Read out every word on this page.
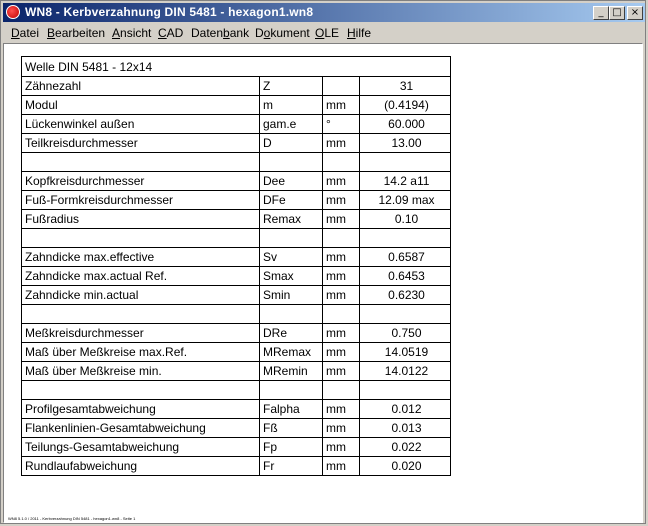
WN8 - Kerbverzahnung DIN 5481 - hexagon1.wn8	_ □ ×
Datei Bearbeiten Ansicht CAD Datenbank Dokument OLE Hilfe
Welle DIN 5481 - 12x14			
Zähnezahl	Z		31
Modul	m	mm	(0.4194)
Lückenwinkel außen	gam.e	°	60.000
Teilkreisdurchmesser	D	mm	13.00

Kopfkreisdurchmesser	Dee	mm	14.2 a11
Fuß-Formkreisdurchmesser	DFe	mm	12.09 max
Fußradius	Remax	mm	0.10

Zahndicke max.effective	Sv	mm	0.6587
Zahndicke max.actual Ref.	Smax	mm	0.6453
Zahndicke min.actual	Smin	mm	0.6230

Meßkreisdurchmesser	DRe	mm	0.750
Maß über Meßkreise max.Ref.	MRemax	mm	14.0519
Maß über Meßkreise min.	MRemin	mm	14.0122

Profilgesamtabweichung	Falpha	mm	0.012
Flankenlinien-Gesamtabweichung	Fß	mm	0.013
Teilungs-Gesamtabweichung	Fp	mm	0.022
Rundlaufabweichung	Fr	mm	0.020
WN8 5.1.0 / 2011 - Kerbverzahnung DIN 5481 - hexagon1.wn8 - Seite 1
